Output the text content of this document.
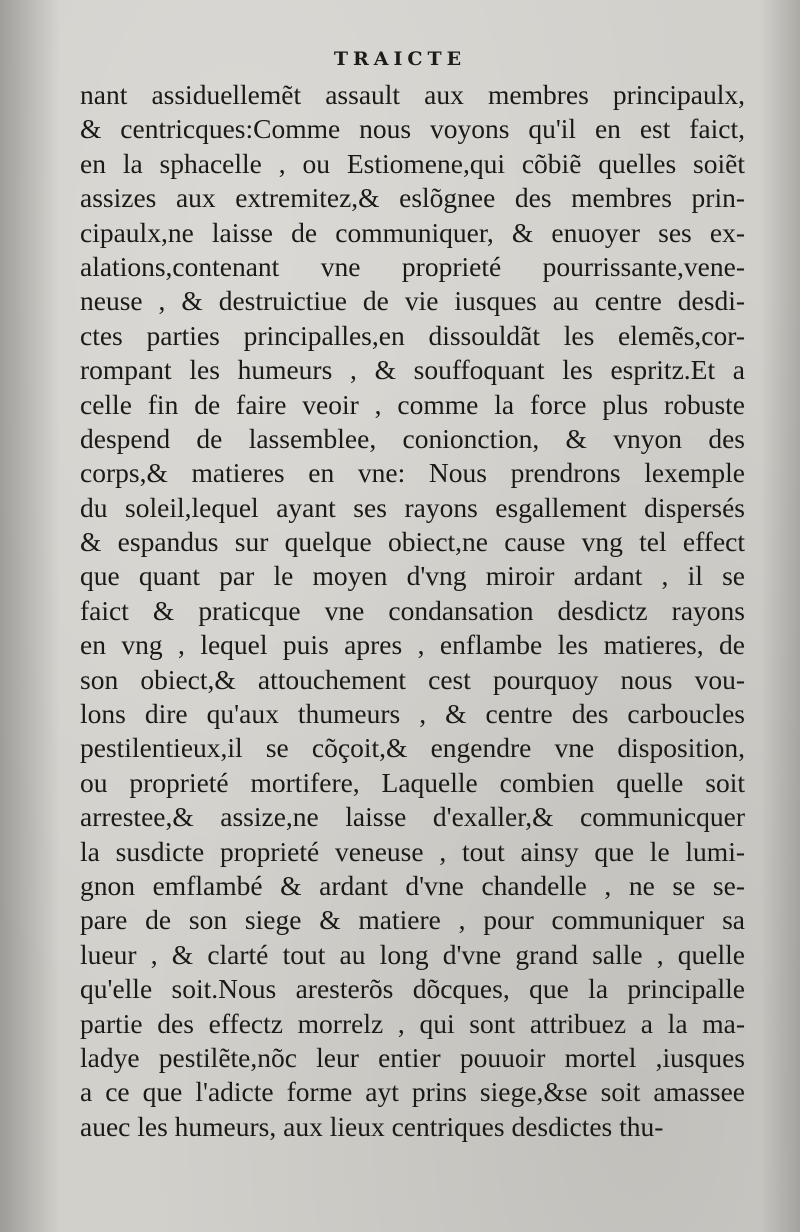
TRAICTE
nant assiduellemẽt assault aux membres principaulx,
& centricques:Comme nous voyons qu'il en est faict,
en la sphacelle , ou Estiomene,qui cõbiẽ quelles soiẽt
assizes aux extremitez,& eslõgnee des membres prin-
cipaulx,ne laisse de communiquer, & enuoyer ses ex-
alations,contenant vne proprieté pourrissante,vene-
neuse , & destruictiue de vie iusques au centre desdi-
ctes parties principalles,en dissouldãt les elemẽs,cor-
rompant les humeurs , & souffoquant les espritz.Et a
celle fin de faire veoir , comme la force plus robuste
despend de lassemblee, conionction, & vnyon des
corps,& matieres en vne: Nous prendrons lexemple
du soleil,lequel ayant ses rayons esgallement dispersés
& espandus sur quelque obiect,ne cause vng tel effect
que quant par le moyen d'vng miroir ardant , il se
faict & praticque vne condansation desdictz rayons
en vng , lequel puis apres , enflambe les matieres, de
son obiect,& attouchement cest pourquoy nous vou-
lons dire qu'aux thumeurs , & centre des carboucles
pestilentieux,il se cõçoit,& engendre vne disposition,
ou proprieté mortifere, Laquelle combien quelle soit
arrestee,& assize,ne laisse d'exaller,& communicquer
la susdicte proprieté veneuse , tout ainsy que le lumi-
gnon emflambé & ardant d'vne chandelle , ne se se-
pare de son siege & matiere , pour communiquer sa
lueur , & clarté tout au long d'vne grand salle , quelle
qu'elle soit.Nous aresterõs dõcques, que la principalle
partie des effectz morrelz , qui sont attribuez a la ma-
ladye pestilẽte,nõc leur entier pouuoir mortel ,iusques
a ce que l'adicte forme ayt prins siege,&se soit amassee
auec les humeurs, aux lieux centriques desdictes thu-
